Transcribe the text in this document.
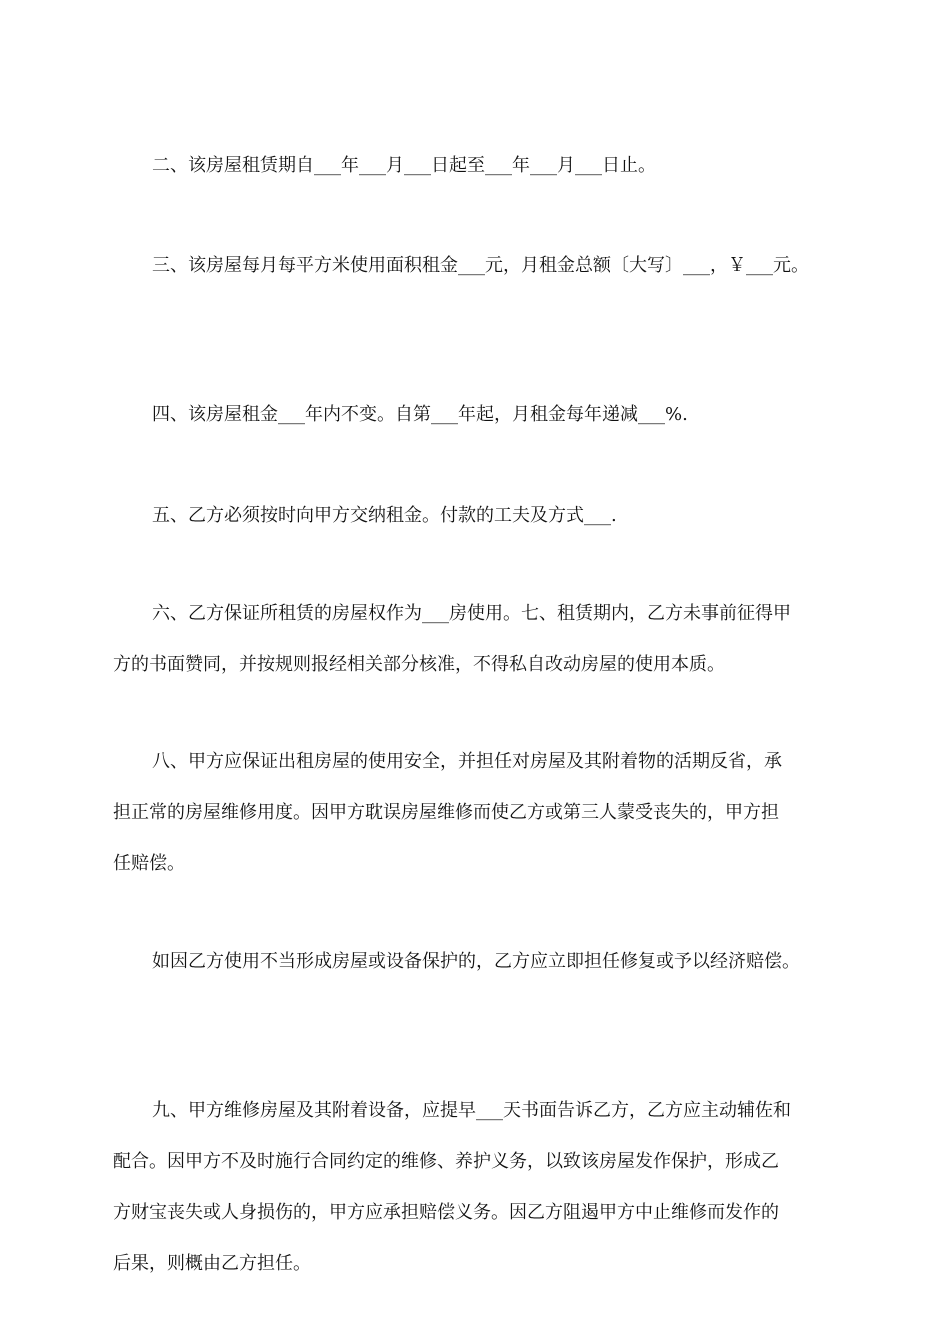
二、该房屋租赁期自___年___月___日起至___年___月___日止。

三、该房屋每月每平方米使用面积租金___元，月租金总额〔大写〕___，￥___元。

四、该房屋租金___年内不变。自第___年起，月租金每年递减___%.

五、乙方必须按时向甲方交纳租金。付款的工夫及方式___.

六、乙方保证所租赁的房屋权作为___房使用。七、租赁期内，乙方未事前征得甲
方的书面赞同，并按规则报经相关部分核准，不得私自改动房屋的使用本质。

八、甲方应保证出租房屋的使用安全，并担任对房屋及其附着物的活期反省，承
担正常的房屋维修用度。因甲方耽误房屋维修而使乙方或第三人蒙受丧失的，甲方担
任赔偿。

如因乙方使用不当形成房屋或设备保护的，乙方应立即担任修复或予以经济赔偿。

九、甲方维修房屋及其附着设备，应提早___天书面告诉乙方，乙方应主动辅佐和
配合。因甲方不及时施行合同约定的维修、养护义务，以致该房屋发作保护，形成乙
方财宝丧失或人身损伤的，甲方应承担赔偿义务。因乙方阻遏甲方中止维修而发作的
后果，则概由乙方担任。
